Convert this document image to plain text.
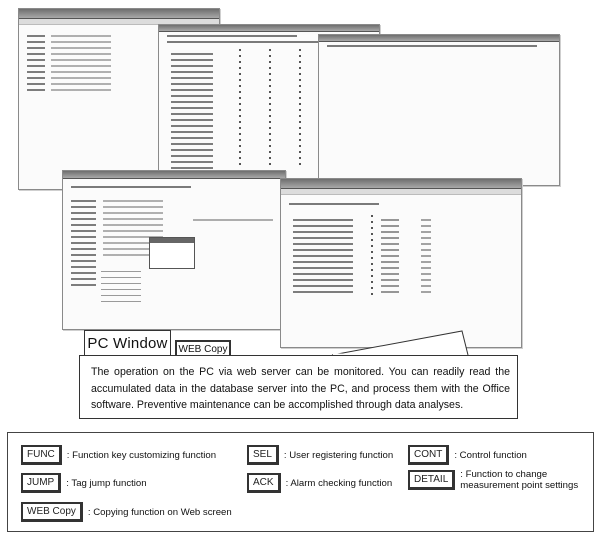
PC Window	WEB Copy
The operation on the PC via web server can be monitored. You can readily read the accumulated data in the database server into the PC, and process them with the Office software. Preventive maintenance can be accomplished through data analyses.
FUNC	: Function key customizing function	SEL	: User registering function	CONT	: Control function
JUMP	: Tag jump function	ACK	: Alarm checking function	DETAIL	: Function to change measurement point settings
WEB Copy	: Copying function on Web screen
